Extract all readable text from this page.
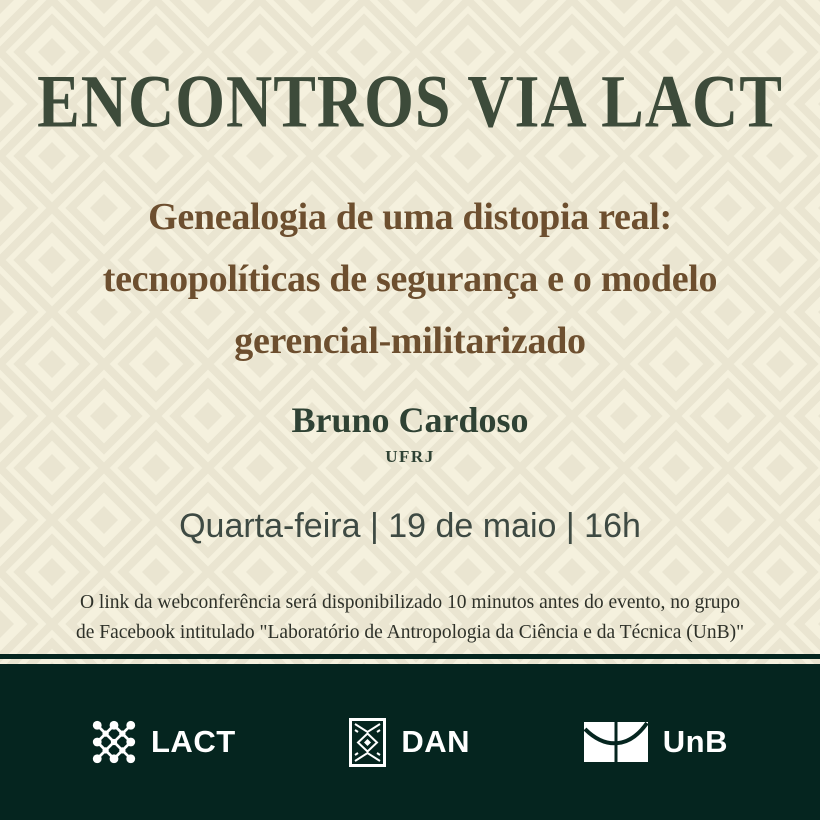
ENCONTROS VIA LACT
Genealogia de uma distopia real:
tecnopolíticas de segurança e o modelo
gerencial-militarizado
Bruno Cardoso
UFRJ
Quarta-feira | 19 de maio | 16h
O link da webconferência será disponibilizado 10 minutos antes do evento, no grupo
de Facebook intitulado "Laboratório de Antropologia da Ciência e da Técnica (UnB)"
LACT	DAN	UnB
